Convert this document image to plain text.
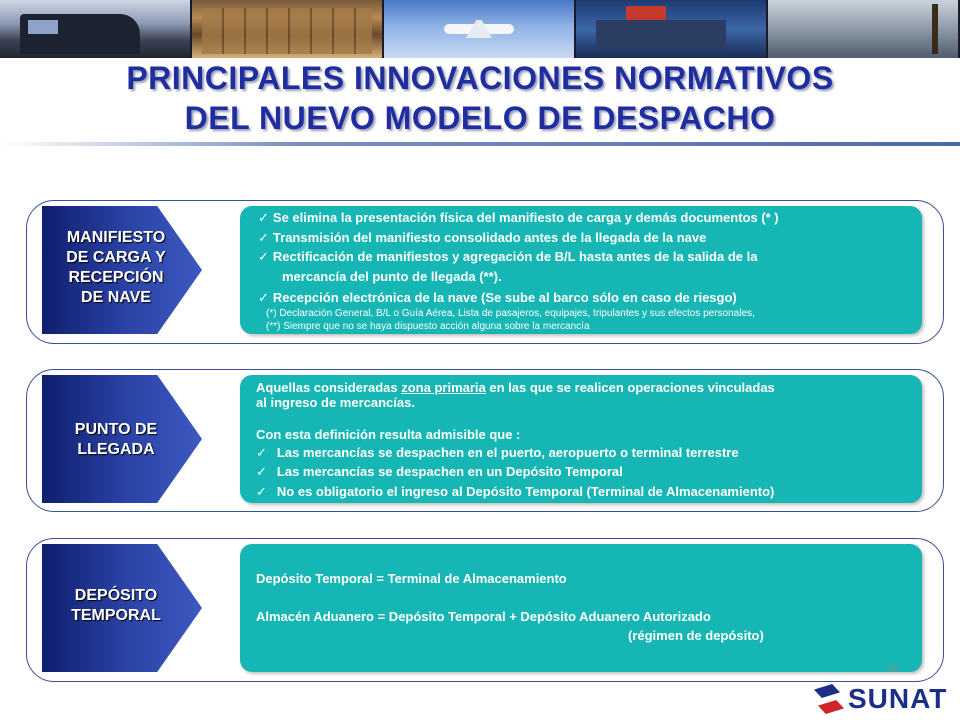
PRINCIPALES INNOVACIONES NORMATIVOS
DEL NUEVO MODELO DE DESPACHO
MANIFIESTO
DE CARGA Y
RECEPCIÓN
DE NAVE
✓ Se elimina la presentación física del manifiesto de carga y demás documentos (* )
✓ Transmisión del manifiesto consolidado antes de la llegada de la nave
✓ Rectificación de manifiestos y agregación de B/L hasta antes de la salida de la
mercancía del punto de llegada (**).
✓ Recepción electrónica de la nave (Se sube al barco sólo en caso de riesgo)
(*) Declaración General, B/L o Guía Aérea, Lista de pasajeros, equipajes, tripulantes y sus efectos personales,
(**) Siempre que no se haya dispuesto acción alguna sobre la mercancía
PUNTO DE
LLEGADA
Aquellas consideradas zona primaria en las que se realicen operaciones vinculadas
al ingreso de mercancías.
Con esta definición resulta admisible que :
✓ Las mercancías se despachen en el puerto, aeropuerto o terminal terrestre
✓ Las mercancías se despachen en un Depósito Temporal
✓ No es obligatorio el ingreso al Depósito Temporal (Terminal de Almacenamiento)
DEPÓSITO
TEMPORAL
Depósito Temporal = Terminal de Almacenamiento
Almacén Aduanero = Depósito Temporal + Depósito Aduanero Autorizado
(régimen de depósito)
20
SUNAT
